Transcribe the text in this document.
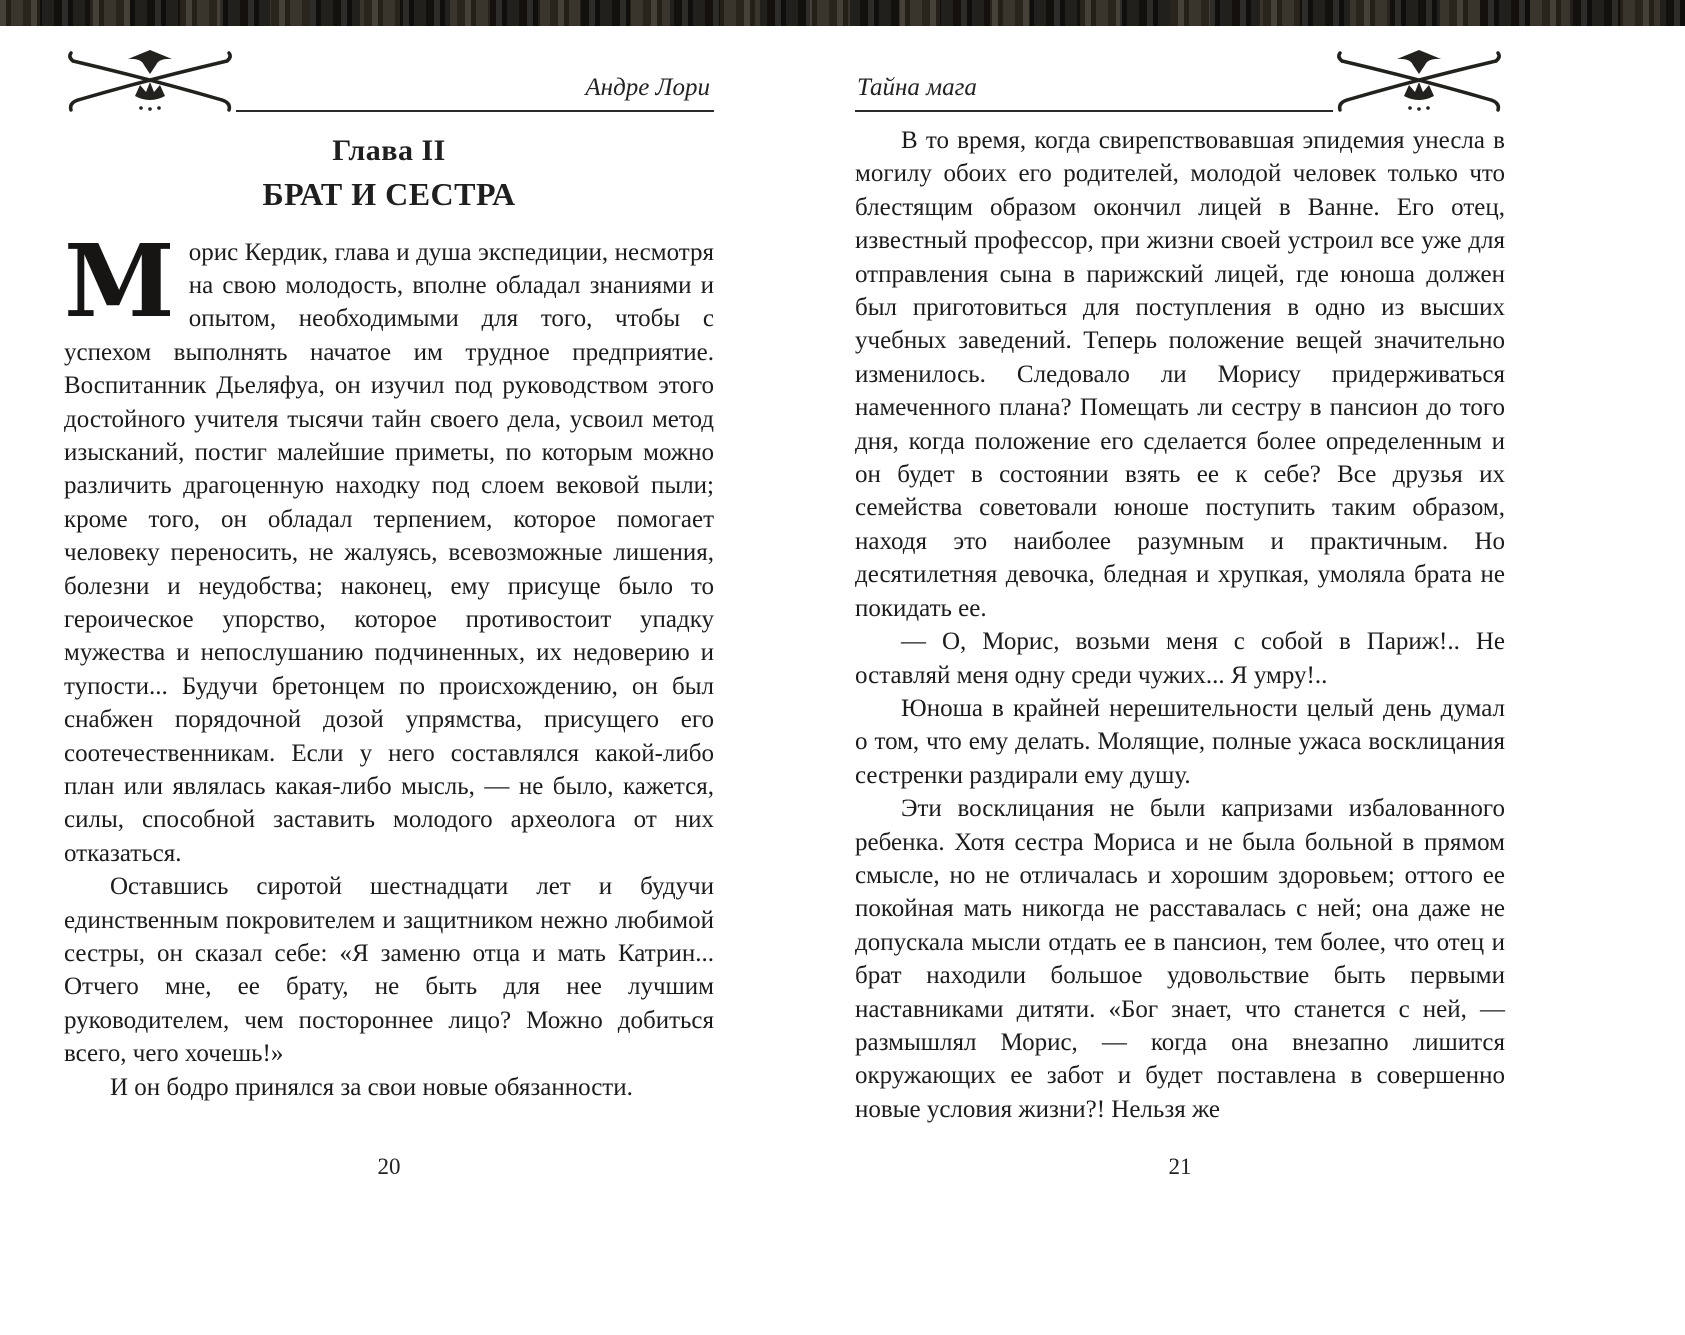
Андре Лори
Глава II
БРАТ И СЕСТРА

Морис Кердик, глава и душа экспедиции, несмотря на свою молодость, вполне обладал знаниями и опытом, необходимыми для того, чтобы с успехом выполнять начатое им трудное предприятие. Воспитанник Дьеляфуа, он изучил под руководством этого достойного учителя тысячи тайн своего дела, усвоил метод изысканий, постиг малейшие приметы, по которым можно различить драгоценную находку под слоем вековой пыли; кроме того, он обладал терпением, которое помогает человеку переносить, не жалуясь, всевозможные лишения, болезни и неудобства; наконец, ему присуще было то героическое упорство, которое противостоит упадку мужества и непослушанию подчиненных, их недоверию и тупости... Будучи бретонцем по происхождению, он был снабжен порядочной дозой упрямства, присущего его соотечественникам. Если у него составлялся какой-либо план или являлась какая-либо мысль, — не было, кажется, силы, способной заставить молодого археолога от них отказаться.

Оставшись сиротой шестнадцати лет и будучи единственным покровителем и защитником нежно любимой сестры, он сказал себе: «Я заменю отца и мать Катрин... Отчего мне, ее брату, не быть для нее лучшим руководителем, чем постороннее лицо? Можно добиться всего, чего хочешь!»

И он бодро принялся за свои новые обязанности.

20
Тайна мага

В то время, когда свирепствовавшая эпидемия унесла в могилу обоих его родителей, молодой человек только что блестящим образом окончил лицей в Ванне. Его отец, известный профессор, при жизни своей устроил все уже для отправления сына в парижский лицей, где юноша должен был приготовиться для поступления в одно из высших учебных заведений. Теперь положение вещей значительно изменилось. Следовало ли Морису придерживаться намеченного плана? Помещать ли сестру в пансион до того дня, когда положение его сделается более определенным и он будет в состоянии взять ее к себе? Все друзья их семейства советовали юноше поступить таким образом, находя это наиболее разумным и практичным. Но десятилетняя девочка, бледная и хрупкая, умоляла брата не покидать ее.

— О, Морис, возьми меня с собой в Париж!.. Не оставляй меня одну среди чужих... Я умру!..

Юноша в крайней нерешительности целый день думал о том, что ему делать. Молящие, полные ужаса восклицания сестренки раздирали ему душу.

Эти восклицания не были капризами избалованного ребенка. Хотя сестра Мориса и не была больной в прямом смысле, но не отличалась и хорошим здоровьем; оттого ее покойная мать никогда не расставалась с ней; она даже не допускала мысли отдать ее в пансион, тем более, что отец и брат находили большое удовольствие быть первыми наставниками дитяти. «Бог знает, что станется с ней, — размышлял Морис, — когда она внезапно лишится окружающих ее забот и будет поставлена в совершенно новые условия жизни?! Нельзя же

21
